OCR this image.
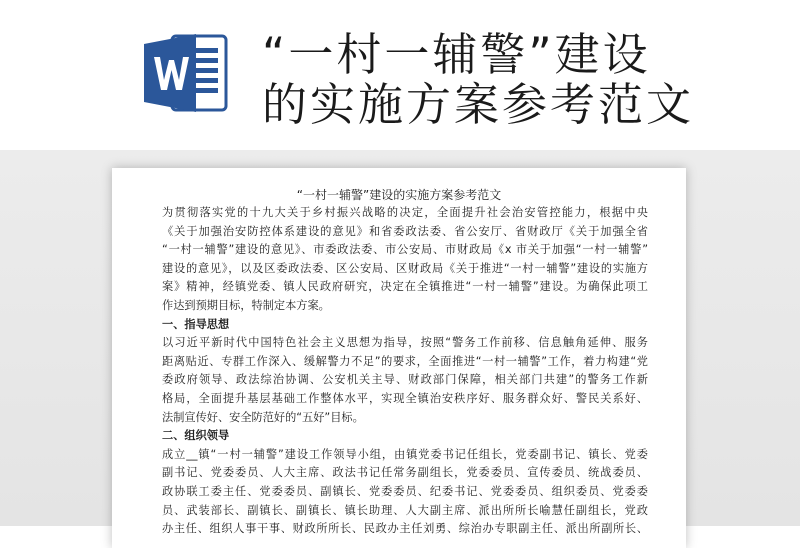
“一村一辅警”建设
的实施方案参考范文
“一村一辅警”建设的实施方案参考范文
为贯彻落实党的十九大关于乡村振兴战略的决定，全面提升社会治安管控能力，根据中央
《关于加强治安防控体系建设的意见》和省委政法委、省公安厅、省财政厅《关于加强全省
“一村一辅警”建设的意见》、市委政法委、市公安局、市财政局《x 市关于加强“一村一辅警”
建设的意见》，以及区委政法委、区公安局、区财政局《关于推进“一村一辅警”建设的实施方
案》精神，经镇党委、镇人民政府研究，决定在全镇推进“一村一辅警”建设。为确保此项工
作达到预期目标，特制定本方案。
一、指导思想
以习近平新时代中国特色社会主义思想为指导，按照“警务工作前移、信息触角延伸、服务
距离贴近、专群工作深入、缓解警力不足”的要求，全面推进“一村一辅警”工作，着力构建“党
委政府领导、政法综治协调、公安机关主导、财政部门保障，相关部门共建”的警务工作新
格局，全面提升基层基础工作整体水平，实现全镇治安秩序好、服务群众好、警民关系好、
法制宣传好、安全防范好的“五好”目标。
二、组织领导
成立__镇“一村一辅警”建设工作领导小组，由镇党委书记任组长，党委副书记、镇长、党委
副书记、党委委员、人大主席、政法书记任常务副组长，党委委员、宣传委员、统战委员、
政协联工委主任、党委委员、副镇长、党委委员、纪委书记、党委委员、组织委员、党委委
员、武装部长、副镇长、副镇长、镇长助理、人大副主席、派出所所长喻慧任副组长，党政
办主任、组织人事干事、财政所所长、民政办主任刘勇、综治办专职副主任、派出所副所长、
